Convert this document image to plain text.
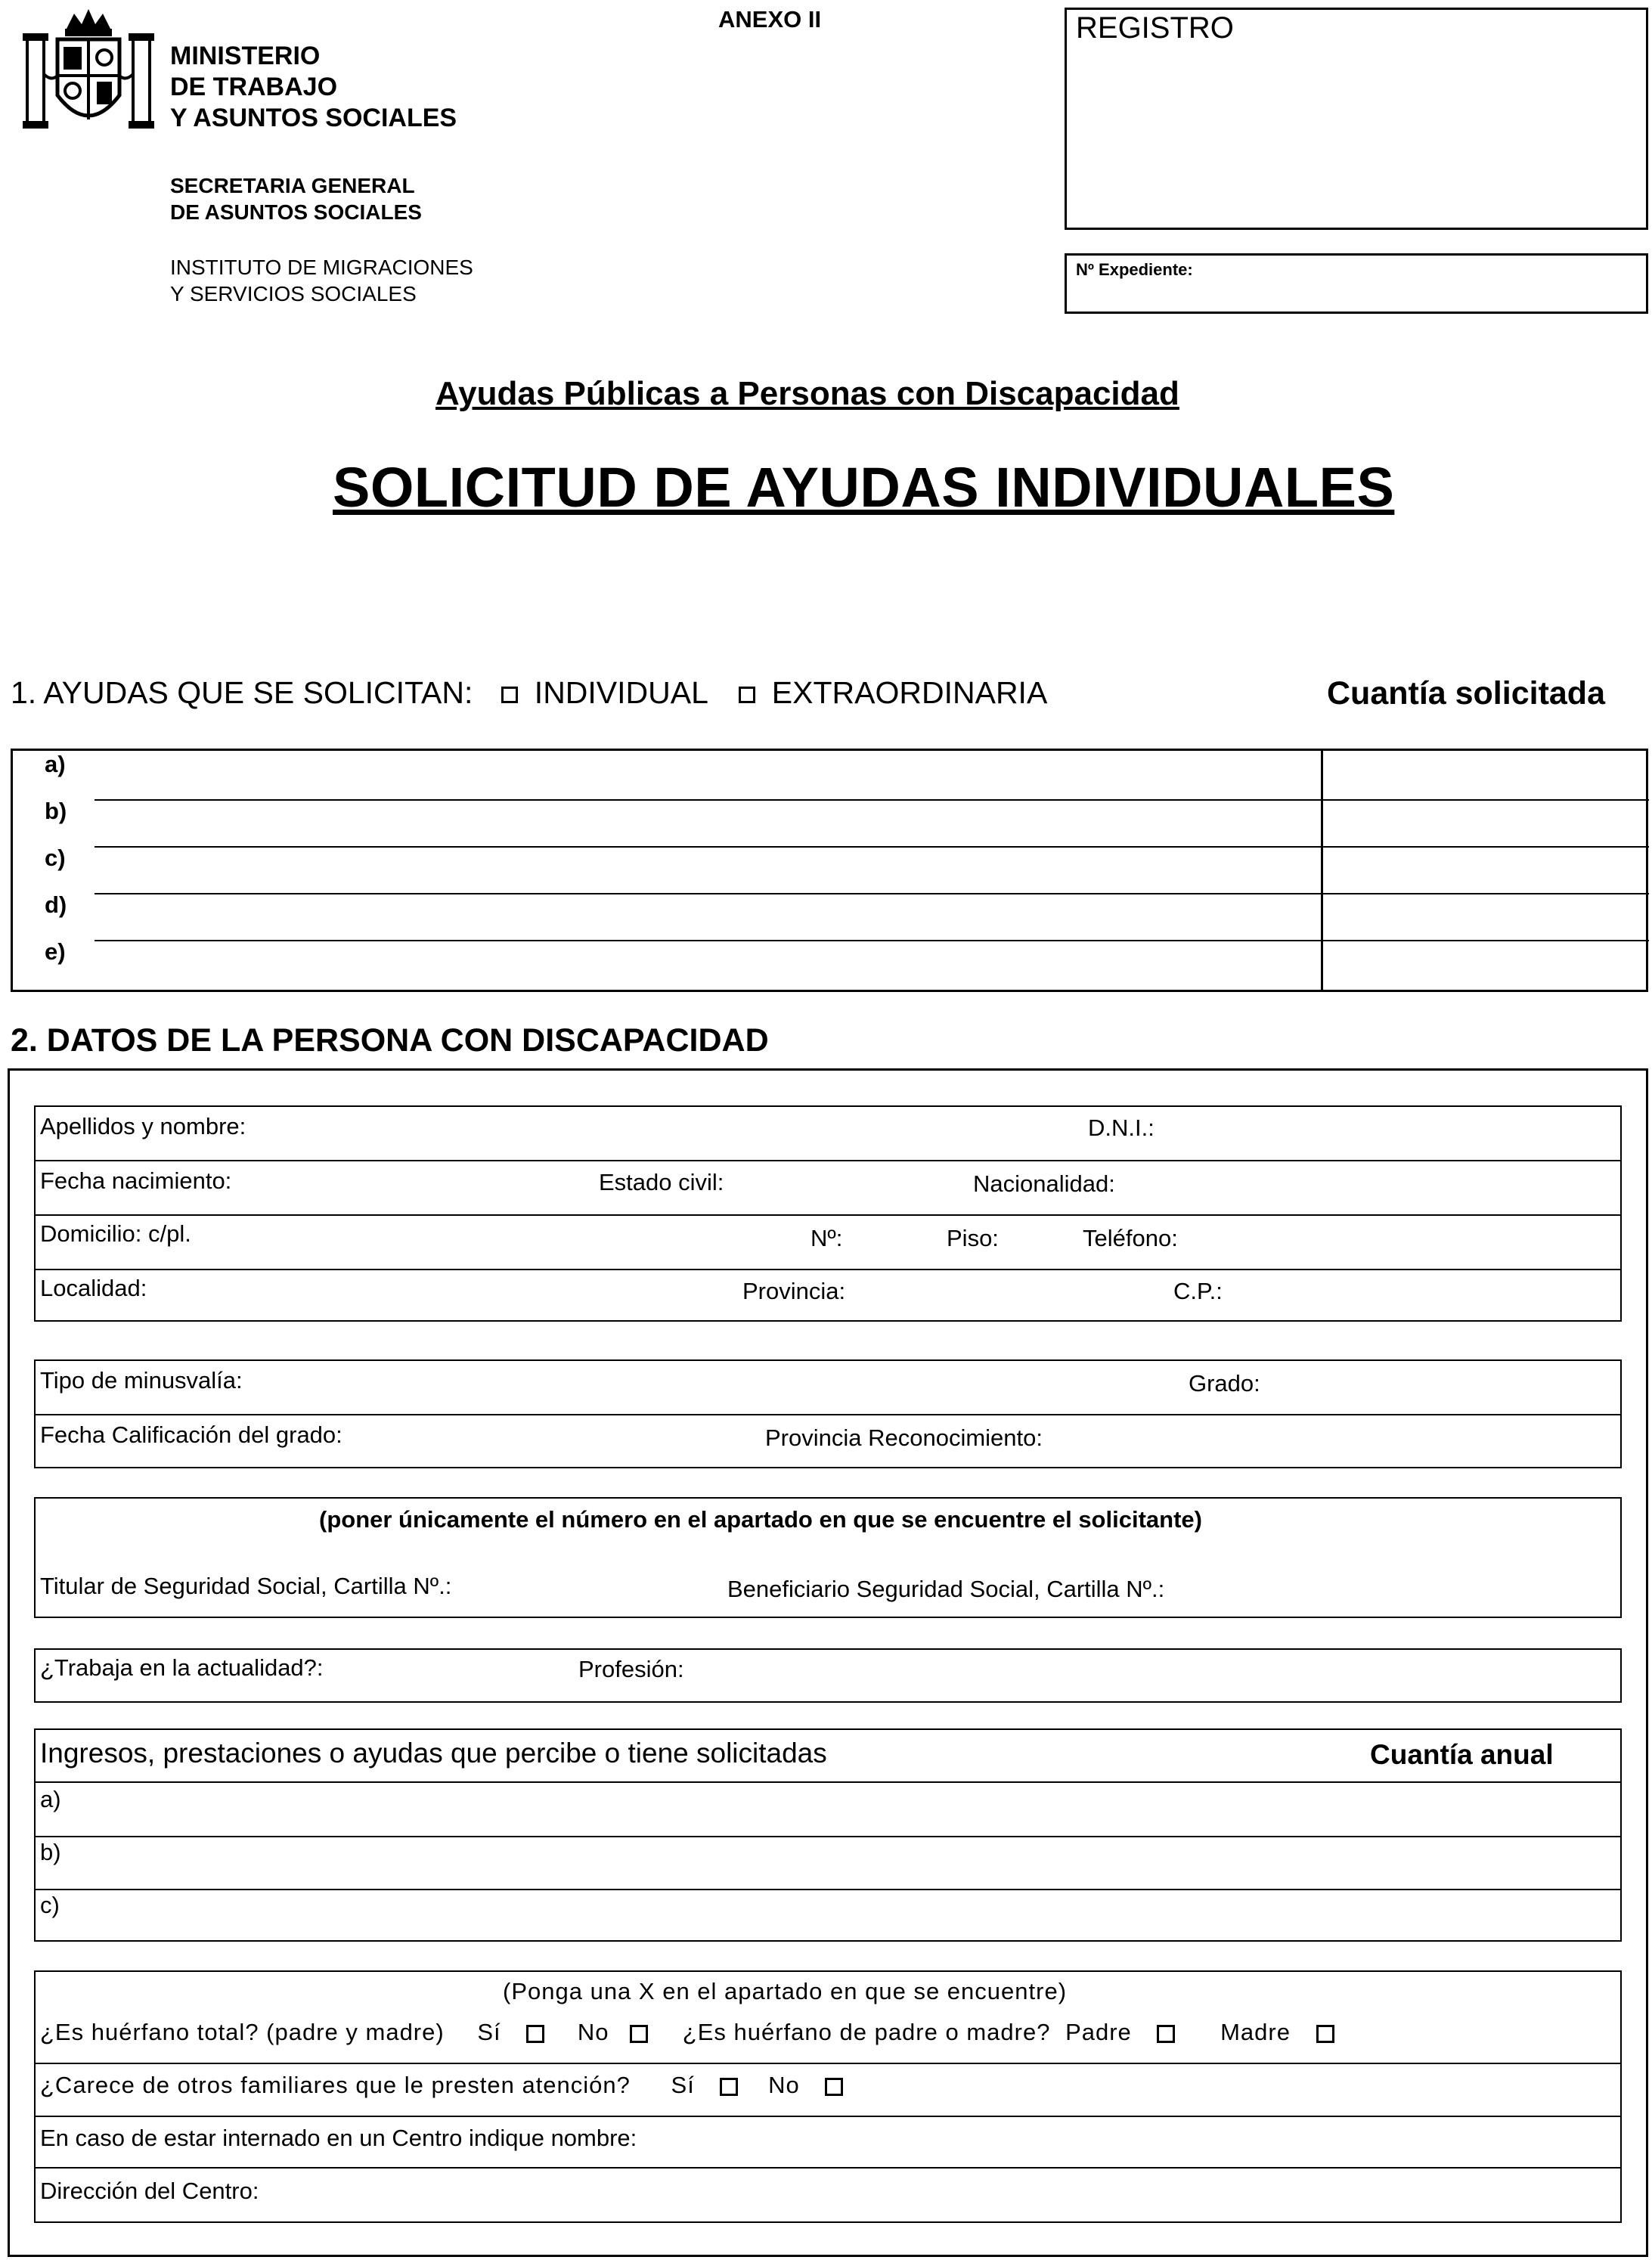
MINISTERIO
DE TRABAJO
Y ASUNTOS SOCIALES
SECRETARIA GENERAL
DE ASUNTOS SOCIALES
INSTITUTO DE MIGRACIONES
Y SERVICIOS SOCIALES
ANEXO II	REGISTRO
Nº Expediente:
Ayudas Públicas a Personas con Discapacidad
SOLICITUD DE AYUDAS INDIVIDUALES
1. AYUDAS QUE SE SOLICITAN: INDIVIDUAL EXTRAORDINARIA	Cuantía solicitada
a)
b)
c)
d)
e)
2. DATOS DE LA PERSONA CON DISCAPACIDAD
Apellidos y nombre:	D.N.I.:
Fecha nacimiento:	Estado civil:	Nacionalidad:
Domicilio: c/pl.	Nº:	Piso:	Teléfono:
Localidad:	Provincia:	C.P.:
Tipo de minusvalía:	Grado:
Fecha Calificación del grado:	Provincia Reconocimiento:
(poner únicamente el número en el apartado en que se encuentre el solicitante)
Titular de Seguridad Social, Cartilla Nº.:	Beneficiario Seguridad Social, Cartilla Nº.:
¿Trabaja en la actualidad?:	Profesión:
Ingresos, prestaciones o ayudas que percibe o tiene solicitadas	Cuantía anual
a)
b)
c)
(Ponga una X en el apartado en que se encuentre)
¿Es huérfano total? (padre y madre) Sí	No	¿Es huérfano de padre o madre? Padre	Madre
¿Carece de otros familiares que le presten atención? Sí	No
En caso de estar internado en un Centro indique nombre:
Dirección del Centro:
